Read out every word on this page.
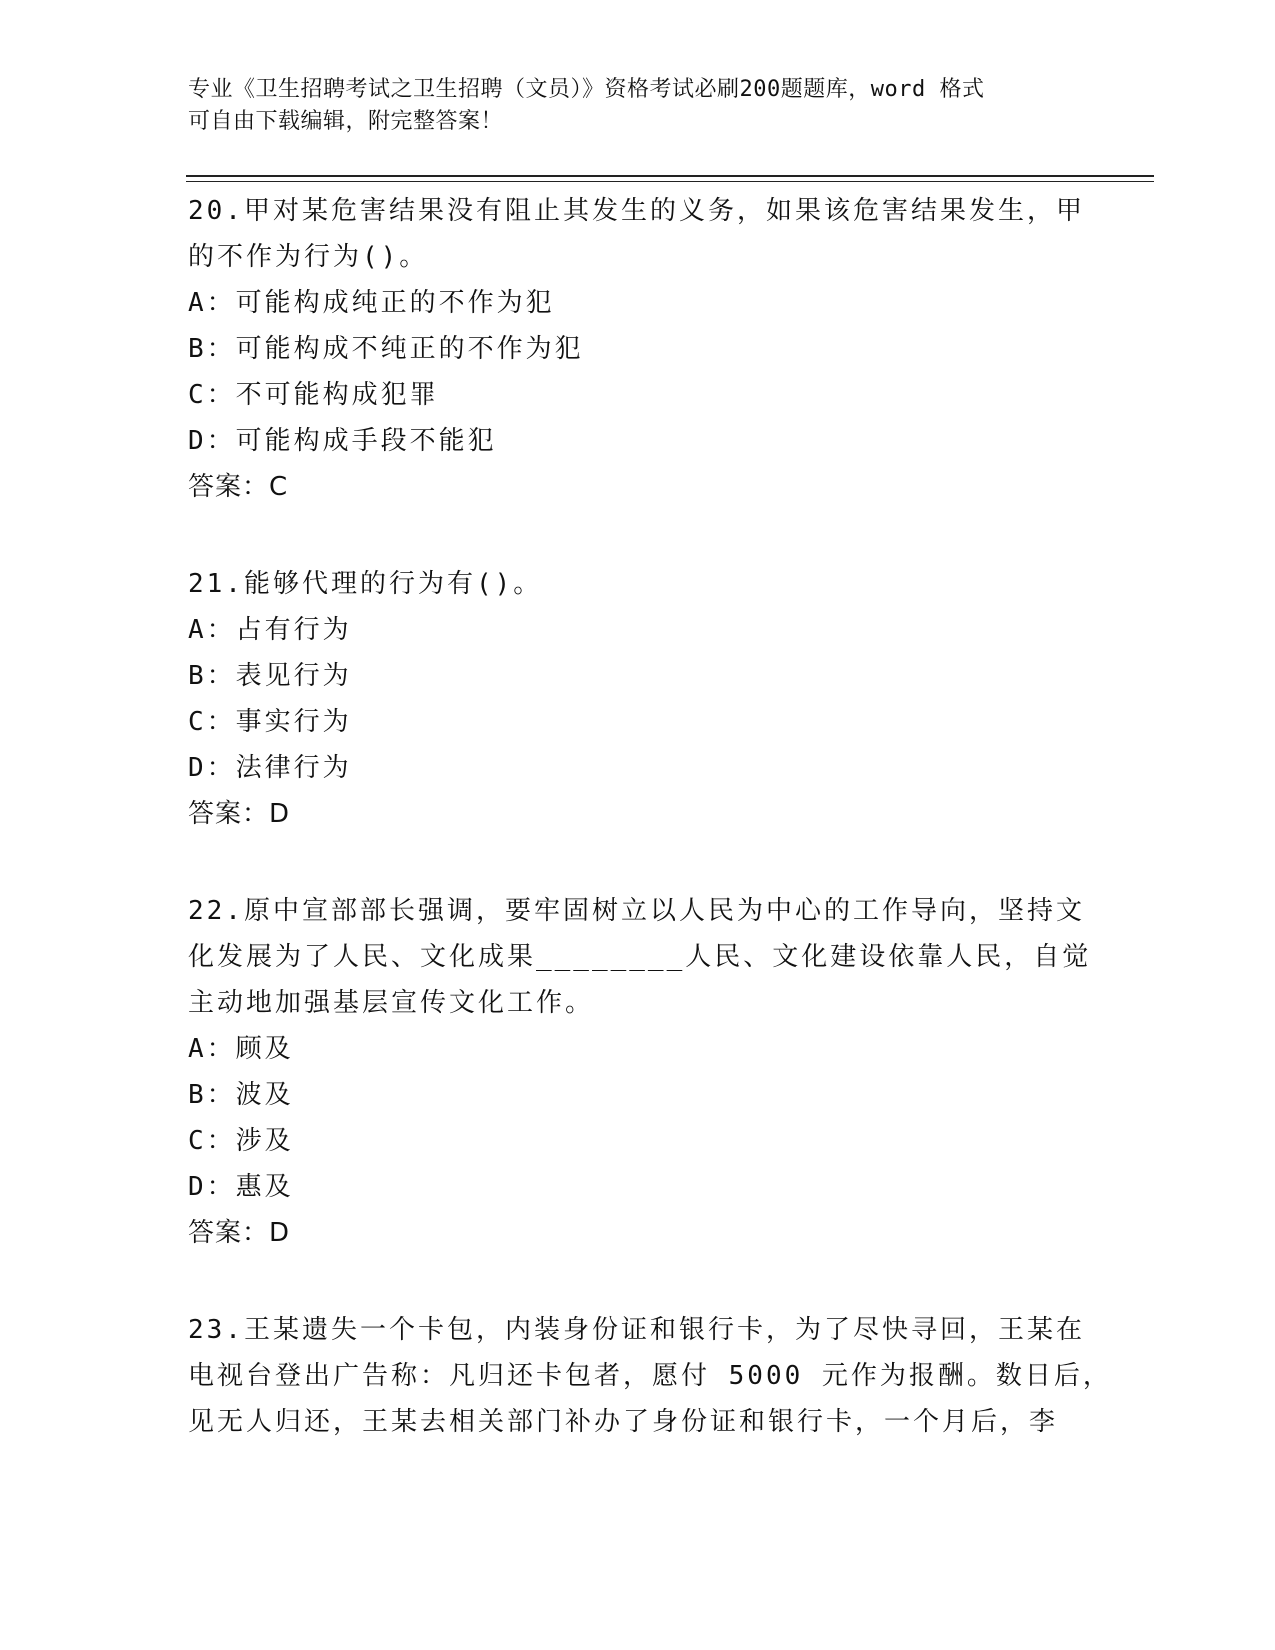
专业《卫生招聘考试之卫生招聘（文员）》资格考试必刷200题题库，word 格式
可自由下载编辑，附完整答案！
20.甲对某危害结果没有阻止其发生的义务，如果该危害结果发生，甲
的不作为行为()。
A：可能构成纯正的不作为犯
B：可能构成不纯正的不作为犯
C：不可能构成犯罪
D：可能构成手段不能犯
答案：C
21.能够代理的行为有()。
A：占有行为
B：表见行为
C：事实行为
D：法律行为
答案：D
22.原中宣部部长强调，要牢固树立以人民为中心的工作导向，坚持文
化发展为了人民、文化成果________人民、文化建设依靠人民，自觉
主动地加强基层宣传文化工作。
A：顾及
B：波及
C：涉及
D：惠及
答案：D
23.王某遗失一个卡包，内装身份证和银行卡，为了尽快寻回，王某在
电视台登出广告称：凡归还卡包者，愿付 5000 元作为报酬。数日后，
见无人归还，王某去相关部门补办了身份证和银行卡，一个月后，李
